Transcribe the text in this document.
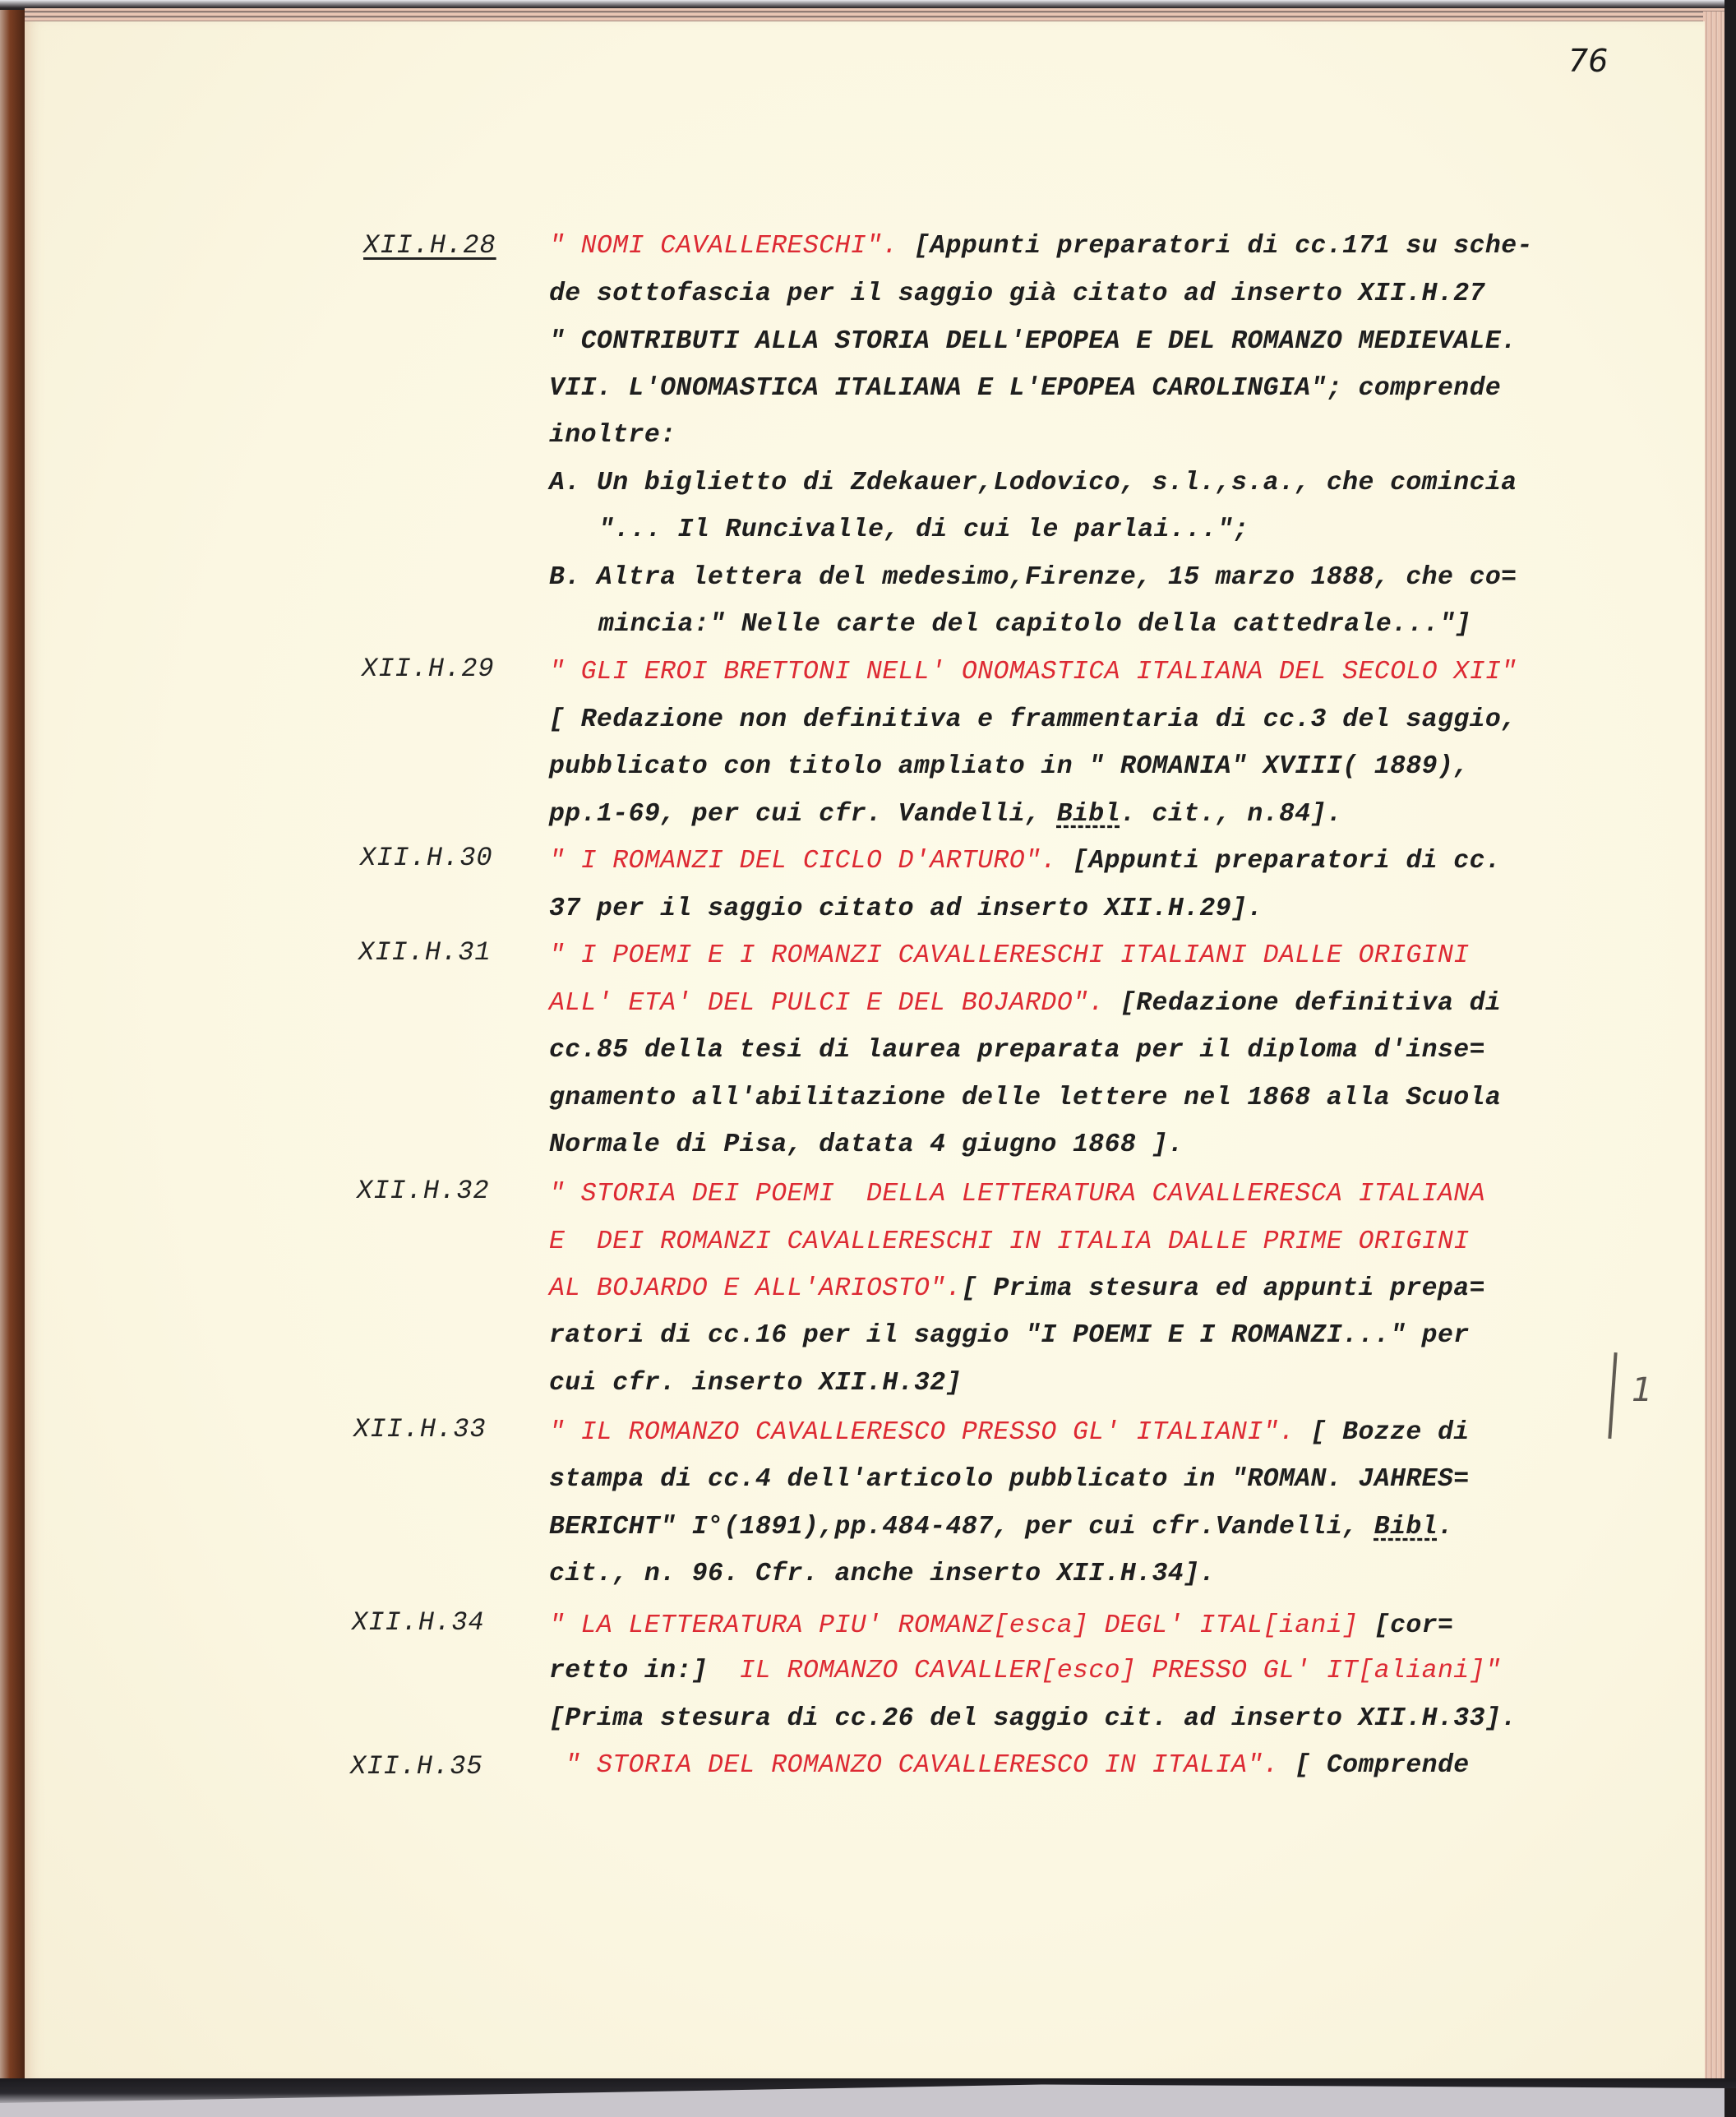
76
XII.H.28
XII.H.29
XII.H.30
XII.H.31
XII.H.32
XII.H.33
XII.H.34
XII.H.35
" NOMI CAVALLERESCHI". [Appunti preparatori di cc.171 su sche-
de sottofascia per il saggio già citato ad inserto XII.H.27
" CONTRIBUTI ALLA STORIA DELL'EPOPEA E DEL ROMANZO MEDIEVALE.
VII. L'ONOMASTICA ITALIANA E L'EPOPEA CAROLINGIA"; comprende
inoltre:
A. Un biglietto di Zdekauer,Lodovico, s.l.,s.a., che comincia
"... Il Runcivalle, di cui le parlai...";
B. Altra lettera del medesimo,Firenze, 15 marzo 1888, che co=
mincia:" Nelle carte del capitolo della cattedrale..."]
" GLI EROI BRETTONI NELL' ONOMASTICA ITALIANA DEL SECOLO XII"
[ Redazione non definitiva e frammentaria di cc.3 del saggio,
pubblicato con titolo ampliato in " ROMANIA" XVIII( 1889),
pp.1-69, per cui cfr. Vandelli, Bibl. cit., n.84].
" I ROMANZI DEL CICLO D'ARTURO". [Appunti preparatori di cc.
37 per il saggio citato ad inserto XII.H.29].
" I POEMI E I ROMANZI CAVALLERESCHI ITALIANI DALLE ORIGINI
ALL' ETA' DEL PULCI E DEL BOJARDO". [Redazione definitiva di
cc.85 della tesi di laurea preparata per il diploma d'inse=
gnamento all'abilitazione delle lettere nel 1868 alla Scuola
Normale di Pisa, datata 4 giugno 1868 ].
" STORIA DEI POEMI  DELLA LETTERATURA CAVALLERESCA ITALIANA
E  DEI ROMANZI CAVALLERESCHI IN ITALIA DALLE PRIME ORIGINI
AL BOJARDO E ALL'ARIOSTO".[ Prima stesura ed appunti prepa=
ratori di cc.16 per il saggio "I POEMI E I ROMANZI..." per
cui cfr. inserto XII.H.32]
" IL ROMANZO CAVALLERESCO PRESSO GL' ITALIANI". [ Bozze di
stampa di cc.4 dell'articolo pubblicato in "ROMAN. JAHRES=
BERICHT" I°(1891),pp.484-487, per cui cfr.Vandelli, Bibl.
cit., n. 96. Cfr. anche inserto XII.H.34].
" LA LETTERATURA PIU' ROMANZ[esca] DEGL' ITAL[iani] [cor=
retto in:]  IL ROMANZO CAVALLER[esco] PRESSO GL' IT[aliani]"
[Prima stesura di cc.26 del saggio cit. ad inserto XII.H.33].
" STORIA DEL ROMANZO CAVALLERESCO IN ITALIA". [ Comprende
1
